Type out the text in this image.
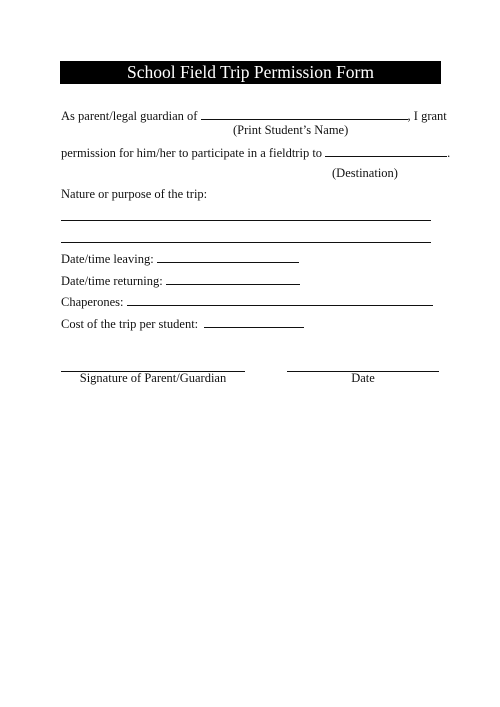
School Field Trip Permission Form
As parent/legal guardian of	, I grant
(Print Student’s Name)
permission for him/her to participate in a fieldtrip to	.
(Destination)
Nature or purpose of the trip:
Date/time leaving:
Date/time returning:
Chaperones:
Cost of the trip per student:
Signature of Parent/Guardian	Date
